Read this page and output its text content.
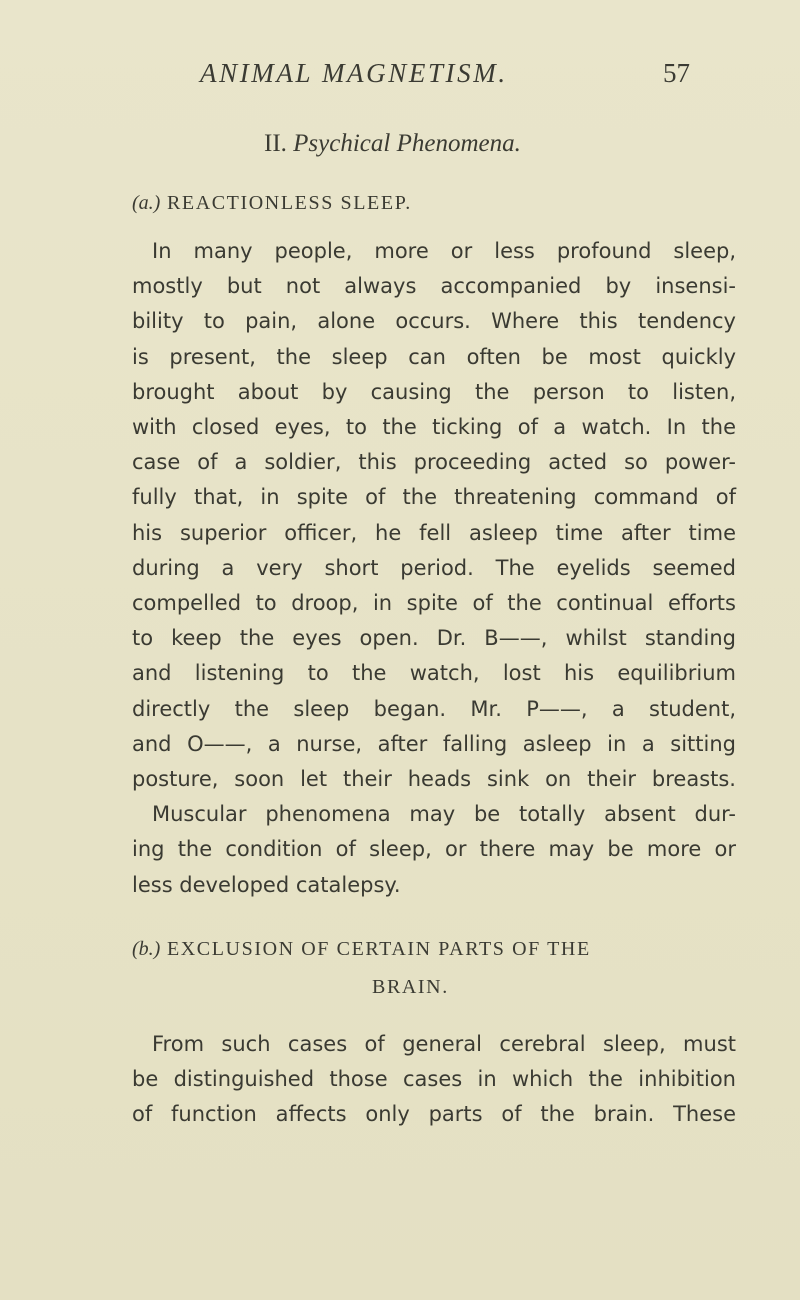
ANIMAL MAGNETISM.	57
II. Psychical Phenomena.
(a.) REACTIONLESS SLEEP.
In many people, more or less profound sleep,
mostly but not always accompanied by insensi-
bility to pain, alone occurs. Where this tendency
is present, the sleep can often be most quickly
brought about by causing the person to listen,
with closed eyes, to the ticking of a watch. In the
case of a soldier, this proceeding acted so power-
fully that, in spite of the threatening command of
his superior officer, he fell asleep time after time
during a very short period. The eyelids seemed
compelled to droop, in spite of the continual efforts
to keep the eyes open. Dr. B——, whilst standing
and listening to the watch, lost his equilibrium
directly the sleep began. Mr. P——, a student,
and O——, a nurse, after falling asleep in a sitting
posture, soon let their heads sink on their breasts.
Muscular phenomena may be totally absent dur-
ing the condition of sleep, or there may be more or
less developed catalepsy.
(b.) EXCLUSION OF CERTAIN PARTS OF THE
BRAIN.
From such cases of general cerebral sleep, must
be distinguished those cases in which the inhibition
of function affects only parts of the brain. These
